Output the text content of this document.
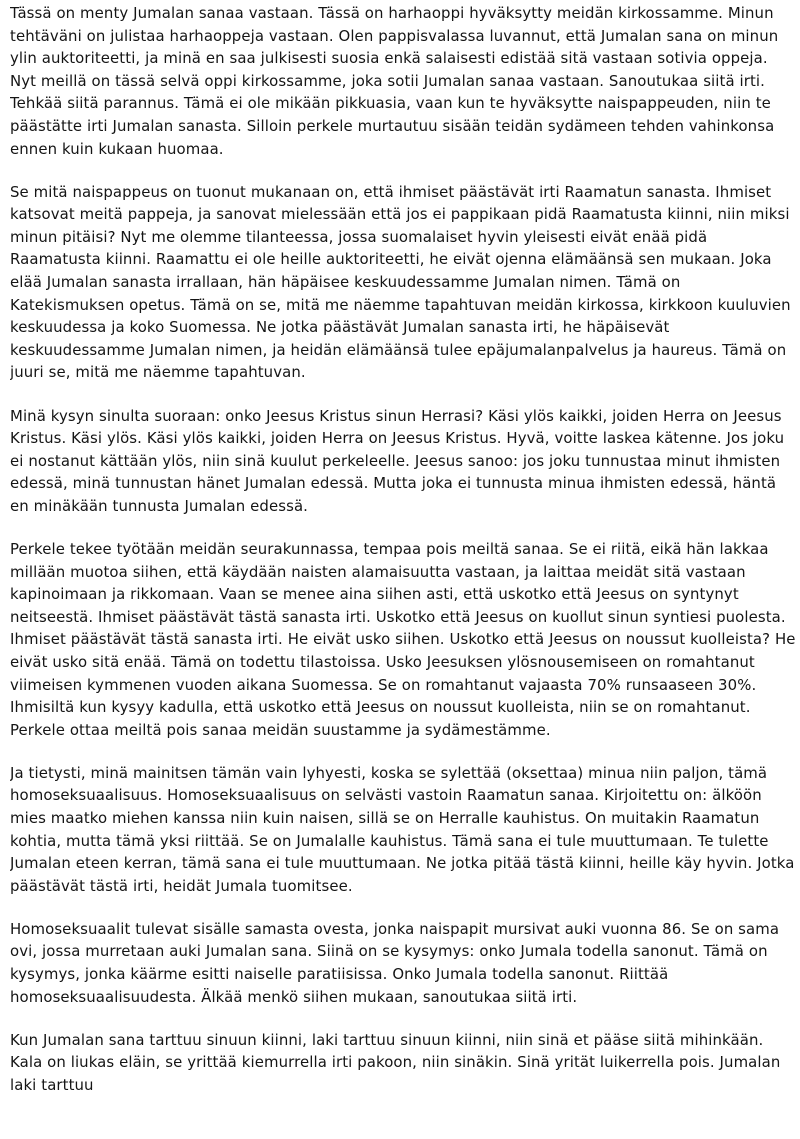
Tässä on menty Jumalan sanaa vastaan. Tässä on harhaoppi hyväksytty meidän kirkossamme. Minun tehtäväni on julistaa harhaoppeja vastaan. Olen pappisvalassa luvannut, että Jumalan sana on minun ylin auktoriteetti, ja minä en saa julkisesti suosia enkä salaisesti edistää sitä vastaan sotivia oppeja. Nyt meillä on tässä selvä oppi kirkossamme, joka sotii Jumalan sanaa vastaan. Sanoutukaa siitä irti. Tehkää siitä parannus. Tämä ei ole mikään pikkuasia, vaan kun te hyväksytte naispappeuden, niin te päästätte irti Jumalan sanasta. Silloin perkele murtautuu sisään teidän sydämeen tehden vahinkonsa ennen kuin kukaan huomaa.

Se mitä naispappeus on tuonut mukanaan on, että ihmiset päästävät irti Raamatun sanasta. Ihmiset katsovat meitä pappeja, ja sanovat mielessään että jos ei pappikaan pidä Raamatusta kiinni, niin miksi minun pitäisi? Nyt me olemme tilanteessa, jossa suomalaiset hyvin yleisesti eivät enää pidä Raamatusta kiinni. Raamattu ei ole heille auktoriteetti, he eivät ojenna elämäänsä sen mukaan. Joka elää Jumalan sanasta irrallaan, hän häpäisee keskuudessamme Jumalan nimen. Tämä on Katekismuksen opetus. Tämä on se, mitä me näemme tapahtuvan meidän kirkossa, kirkkoon kuuluvien keskuudessa ja koko Suomessa. Ne jotka päästävät Jumalan sanasta irti, he häpäisevät keskuudessamme Jumalan nimen, ja heidän elämäänsä tulee epäjumalanpalvelus ja haureus. Tämä on juuri se, mitä me näemme tapahtuvan.

Minä kysyn sinulta suoraan: onko Jeesus Kristus sinun Herrasi? Käsi ylös kaikki, joiden Herra on Jeesus Kristus. Käsi ylös. Käsi ylös kaikki, joiden Herra on Jeesus Kristus. Hyvä, voitte laskea kätenne. Jos joku ei nostanut kättään ylös, niin sinä kuulut perkeleelle. Jeesus sanoo: jos joku tunnustaa minut ihmisten edessä, minä tunnustan hänet Jumalan edessä. Mutta joka ei tunnusta minua ihmisten edessä, häntä en minäkään tunnusta Jumalan edessä.

Perkele tekee työtään meidän seurakunnassa, tempaa pois meiltä sanaa. Se ei riitä, eikä hän lakkaa millään muotoa siihen, että käydään naisten alamaisuutta vastaan, ja laittaa meidät sitä vastaan kapinoimaan ja rikkomaan. Vaan se menee aina siihen asti, että uskotko että Jeesus on syntynyt neitseestä. Ihmiset päästävät tästä sanasta irti. Uskotko että Jeesus on kuollut sinun syntiesi puolesta. Ihmiset päästävät tästä sanasta irti. He eivät usko siihen. Uskotko että Jeesus on noussut kuolleista? He eivät usko sitä enää. Tämä on todettu tilastoissa. Usko Jeesuksen ylösnousemiseen on romahtanut viimeisen kymmenen vuoden aikana Suomessa. Se on romahtanut vajaasta 70% runsaaseen 30%. Ihmisiltä kun kysyy kadulla, että uskotko että Jeesus on noussut kuolleista, niin se on romahtanut. Perkele ottaa meiltä pois sanaa meidän suustamme ja sydämestämme.

Ja tietysti, minä mainitsen tämän vain lyhyesti, koska se sylettää (oksettaa) minua niin paljon, tämä homoseksuaalisuus. Homoseksuaalisuus on selvästi vastoin Raamatun sanaa. Kirjoitettu on: älköön mies maatko miehen kanssa niin kuin naisen, sillä se on Herralle kauhistus. On muitakin Raamatun kohtia, mutta tämä yksi riittää. Se on Jumalalle kauhistus. Tämä sana ei tule muuttumaan. Te tulette Jumalan eteen kerran, tämä sana ei tule muuttumaan. Ne jotka pitää tästä kiinni, heille käy hyvin. Jotka päästävät tästä irti, heidät Jumala tuomitsee.

Homoseksuaalit tulevat sisälle samasta ovesta, jonka naispapit mursivat auki vuonna 86. Se on sama ovi, jossa murretaan auki Jumalan sana. Siinä on se kysymys: onko Jumala todella sanonut. Tämä on kysymys, jonka käärme esitti naiselle paratiisissa. Onko Jumala todella sanonut. Riittää homoseksuaalisuudesta. Älkää menkö siihen mukaan, sanoutukaa siitä irti.

Kun Jumalan sana tarttuu sinuun kiinni, laki tarttuu sinuun kiinni, niin sinä et pääse siitä mihinkään. Kala on liukas eläin, se yrittää kiemurrella irti pakoon, niin sinäkin. Sinä yrität luikerrella pois. Jumalan laki tarttuu
